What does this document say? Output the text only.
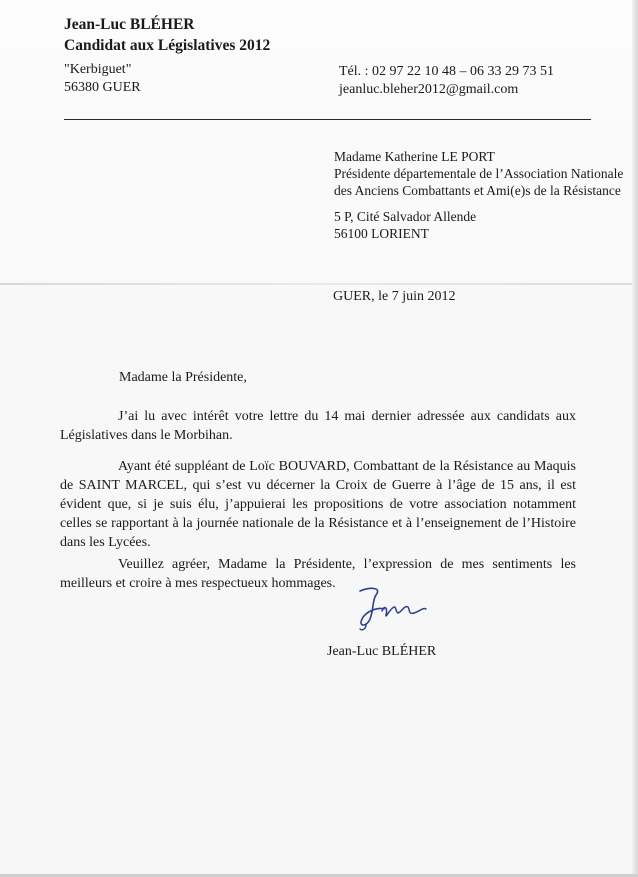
Jean-Luc BLÉHER
Candidat aux Législatives 2012
"Kerbiguet"
56380 GUER
Tél. : 02 97 22 10 48 – 06 33 29 73 51
jeanluc.bleher2012@gmail.com
Madame Katherine LE PORT
Présidente départementale de l’Association Nationale
des Anciens Combattants et Ami(e)s de la Résistance
5 P, Cité Salvador Allende
56100 LORIENT
GUER, le 7 juin 2012
Madame la Présidente,
J’ai lu avec intérêt votre lettre du 14 mai dernier adressée aux candidats aux Législatives dans le Morbihan.
Ayant été suppléant de Loïc BOUVARD, Combattant de la Résistance au Maquis de SAINT MARCEL, qui s’est vu décerner la Croix de Guerre à l’âge de 15 ans, il est évident que, si je suis élu, j’appuierai les propositions de votre association notamment celles se rapportant à la journée nationale de la Résistance et à l’enseignement de l’Histoire dans les Lycées.
Veuillez agréer, Madame la Présidente, l’expression de mes sentiments les meilleurs et croire à mes respectueux hommages.
Jean-Luc BLÉHER
